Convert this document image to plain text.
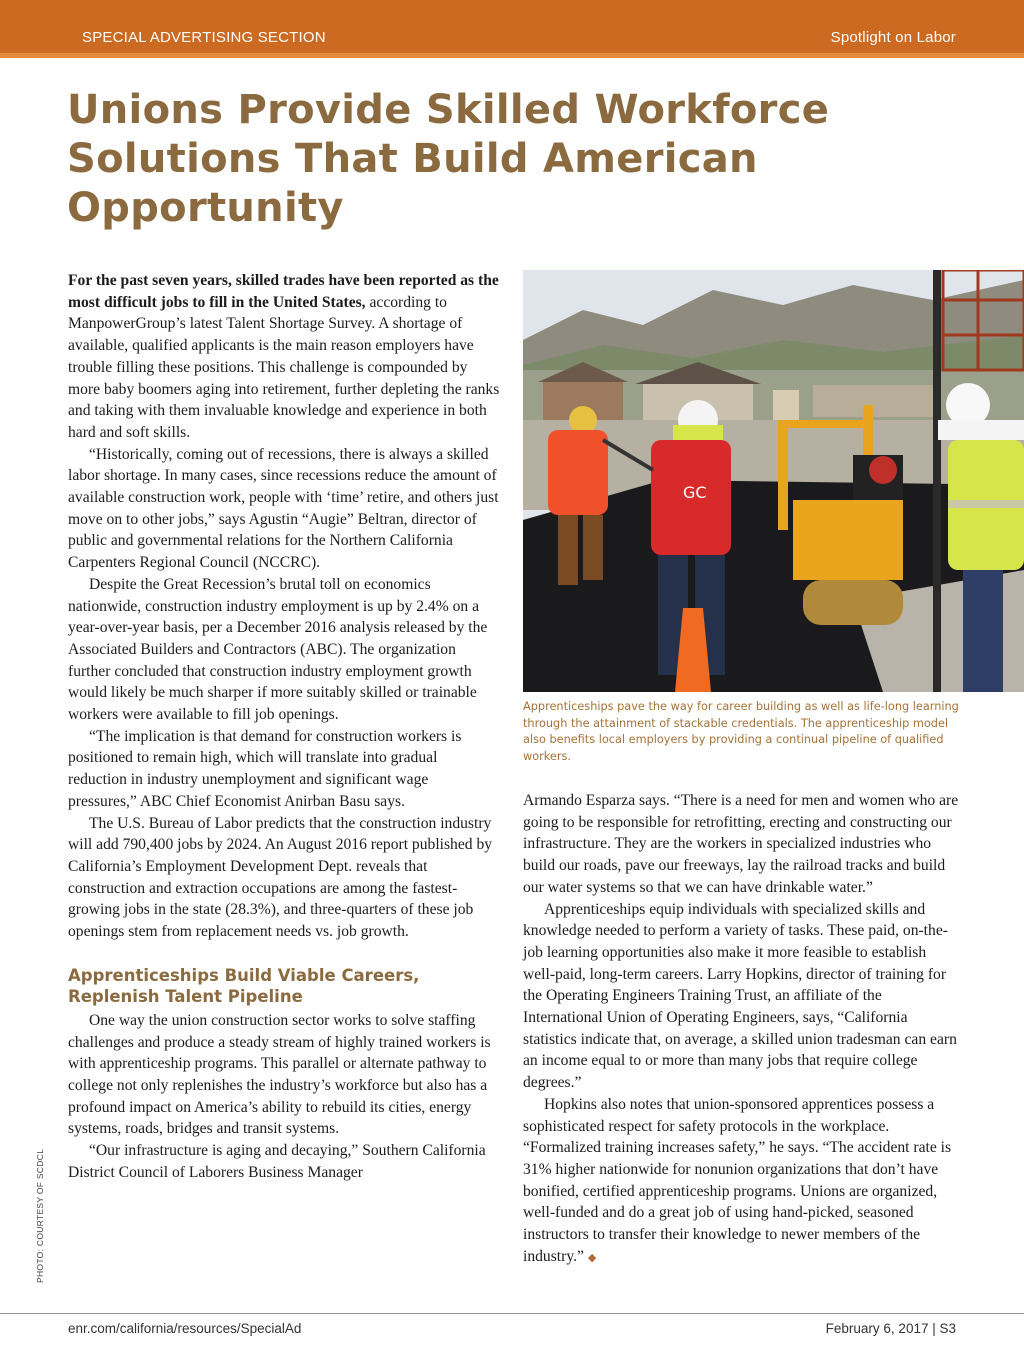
SPECIAL ADVERTISING SECTION	Spotlight on Labor
Unions Provide Skilled Workforce Solutions That Build American Opportunity

For the past seven years, skilled trades have been reported as the most difficult jobs to fill in the United States, according to ManpowerGroup’s latest Talent Shortage Survey. A shortage of available, qualified applicants is the main reason employers have trouble filling these positions. This challenge is compounded by more baby boomers aging into retirement, further depleting the ranks and taking with them invaluable knowledge and experience in both hard and soft skills.

“Historically, coming out of recessions, there is always a skilled labor shortage. In many cases, since recessions reduce the amount of available construction work, people with ‘time’ retire, and others just move on to other jobs,” says Agustin “Augie” Beltran, director of public and governmental relations for the Northern California Carpenters Regional Council (NCCRC).

Despite the Great Recession’s brutal toll on economics nationwide, construction industry employment is up by 2.4% on a year-over-year basis, per a December 2016 analysis released by the Associated Builders and Contractors (ABC). The organization further concluded that construction industry employment growth would likely be much sharper if more suitably skilled or trainable workers were available to fill job openings.

“The implication is that demand for construction workers is positioned to remain high, which will translate into gradual reduction in industry unemployment and significant wage pressures,” ABC Chief Economist Anirban Basu says.

The U.S. Bureau of Labor predicts that the construction industry will add 790,400 jobs by 2024. An August 2016 report published by California’s Employment Development Dept. reveals that construction and extraction occupations are among the fastest-growing jobs in the state (28.3%), and three-quarters of these job openings stem from replacement needs vs. job growth.

Apprenticeships Build Viable Careers, Replenish Talent Pipeline

One way the union construction sector works to solve staffing challenges and produce a steady stream of highly trained workers is with apprenticeship programs. This parallel or alternate pathway to college not only replenishes the industry’s workforce but also has a profound impact on America’s ability to rebuild its cities, energy systems, roads, bridges and transit systems.

“Our infrastructure is aging and decaying,” Southern California District Council of Laborers Business Manager

GC
Apprenticeships pave the way for career building as well as life-long learning through the attainment of stackable credentials. The apprenticeship model also benefits local employers by providing a continual pipeline of qualified workers.

Armando Esparza says. “There is a need for men and women who are going to be responsible for retrofitting, erecting and constructing our infrastructure. They are the workers in specialized industries who build our roads, pave our freeways, lay the railroad tracks and build our water systems so that we can have drinkable water.”

Apprenticeships equip individuals with specialized skills and knowledge needed to perform a variety of tasks. These paid, on-the-job learning opportunities also make it more feasible to establish well-paid, long-term careers. Larry Hopkins, director of training for the Operating Engineers Training Trust, an affiliate of the International Union of Operating Engineers, says, “California statistics indicate that, on average, a skilled union tradesman can earn an income equal to or more than many jobs that require college degrees.”

Hopkins also notes that union-sponsored apprentices possess a sophisticated respect for safety protocols in the workplace. “Formalized training increases safety,” he says. “The accident rate is 31% higher nationwide for nonunion organizations that don’t have bonified, certified apprenticeship programs. Unions are organized, well-funded and do a great job of using hand-picked, seasoned instructors to transfer their knowledge to newer members of the industry.” ◆

PHOTO: COURTESY OF SCDCL
enr.com/california/resources/SpecialAd	February 6, 2017 | S3
